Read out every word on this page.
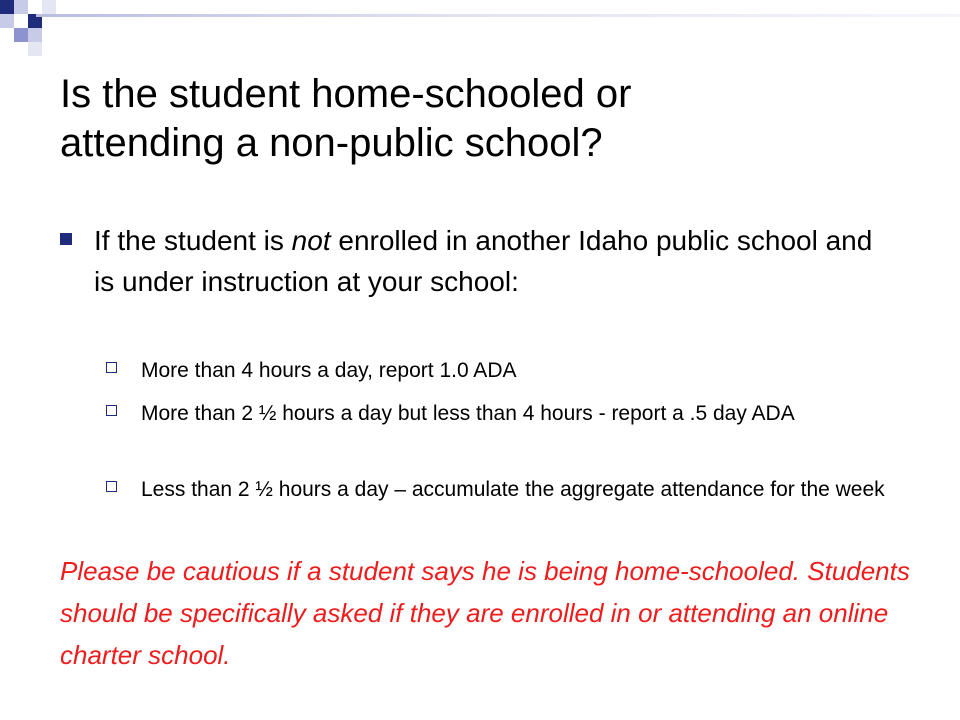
Is the student home-schooled or
attending a non-public school?
If the student is not enrolled in another Idaho public school and is under instruction at your school:
More than 4 hours a day, report 1.0 ADA
More than 2 ½ hours a day but less than 4 hours - report a .5 day ADA
Less than 2 ½ hours a day – accumulate the aggregate attendance for the week

Please be cautious if a student says he is being home-schooled. Students should be specifically asked if they are enrolled in or attending an online charter school.
